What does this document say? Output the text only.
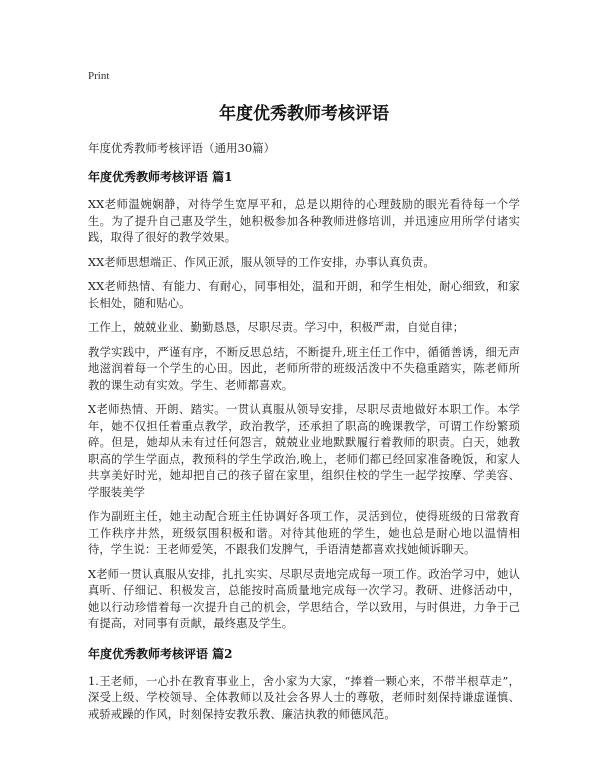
Print
年度优秀教师考核评语
年度优秀教师考核评语（通用30篇）
年度优秀教师考核评语 篇1
XX老师温婉娴静，对待学生宽厚平和，总是以期待的心理鼓励的眼光看待每一个学生。为了提升自己惠及学生，她积极参加各种教师进修培训，并迅速应用所学付诸实践，取得了很好的教学效果。
XX老师思想端正、作风正派，服从领导的工作安排，办事认真负责。
XX老师热情、有能力、有耐心，同事相处，温和开朗，和学生相处，耐心细致，和家长相处，随和贴心。
工作上，兢兢业业、勤勤恳恳，尽职尽责。学习中，积极严肃，自觉自律；
教学实践中，严谨有序，不断反思总结，不断提升,班主任工作中，循循善诱，细无声地滋润着每一个学生的心田。因此，老师所带的班级活泼中不失稳重踏实，陈老师所教的课生动有实效。学生、老师都喜欢。
X老师热情、开朗、踏实。一贯认真服从领导安排，尽职尽责地做好本职工作。本学年，她不仅担任着重点教学，政治教学，还承担了职高的晚课教学，可谓工作纷繁琐碎。但是，她却从未有过任何怨言，兢兢业业地默默履行着教师的职责。白天，她教职高的学生学面点，教预科的学生学政治,晚上，老师们都已经回家准备晚饭，和家人共享美好时光，她却把自己的孩子留在家里，组织住校的学生一起学按摩、学美容、学服装美学
作为副班主任，她主动配合班主任协调好各项工作，灵活到位，使得班级的日常教育工作秩序井然，班级氛围积极和谐。对待其他班的学生，她也总是耐心地以温情相待，学生说：王老师爱笑，不跟我们发脾气，手语清楚都喜欢找她倾诉聊天。
X老师一贯认真服从安排，扎扎实实、尽职尽责地完成每一项工作。政治学习中，她认真听、仔细记、积极发言，总能按时高质量地完成每一次学习。教研、进修活动中，她以行动珍惜着每一次提升自己的机会，学思结合，学以致用，与时俱进，力争于己有提高，对同事有贡献，最终惠及学生。
年度优秀教师考核评语 篇2
1.王老师，一心扑在教育事业上，舍小家为大家，“捧着一颗心来，不带半根草走”，深受上级、学校领导、全体教师以及社会各界人士的尊敬，老师时刻保持谦虚谨慎、戒骄戒躁的作风，时刻保持安教乐教、廉洁执教的师德风范。
